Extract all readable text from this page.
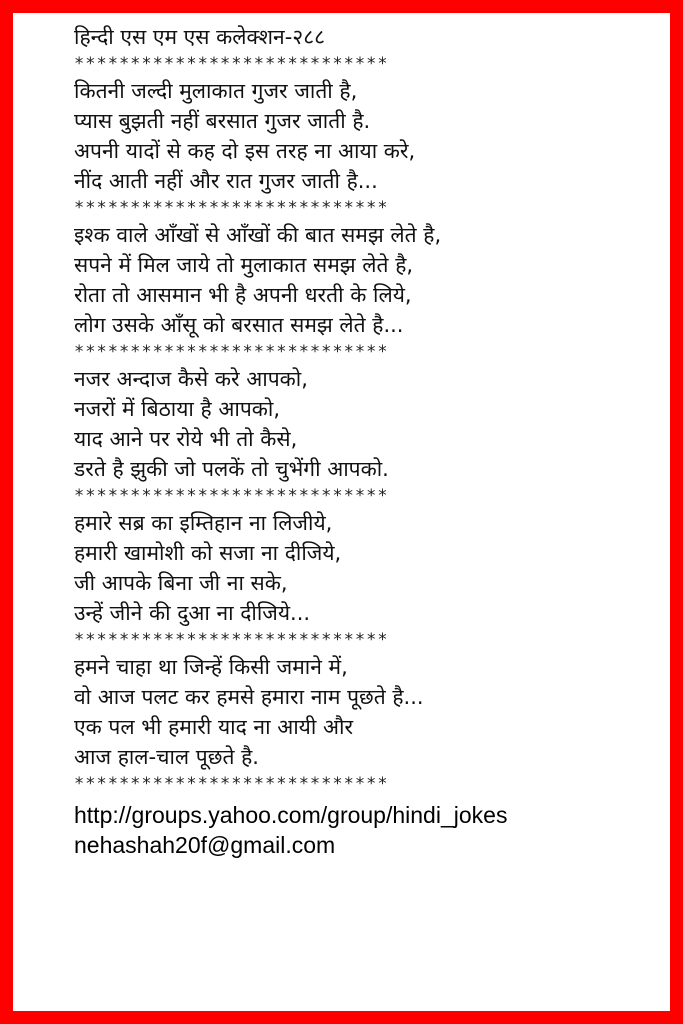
हिन्दी एस एम एस कलेक्शन-२८८
****************************
कितनी जल्दी मुलाकात गुजर जाती है,
प्यास बुझती नहीं बरसात गुजर जाती है.
अपनी यादों से कह दो इस तरह ना आया करे,
नींद आती नहीं और रात गुजर जाती है...
****************************
इश्क वाले आँखों से आँखों की बात समझ लेते है,
सपने में मिल जाये तो मुलाकात समझ लेते है,
रोता तो आसमान भी है अपनी धरती के लिये,
लोग उसके आँसू को बरसात समझ लेते है...
****************************
नजर अन्दाज कैसे करे आपको,
नजरों में बिठाया है आपको,
याद आने पर रोये भी तो कैसे,
डरते है झुकी जो पलकें तो चुभेंगी आपको.
****************************
हमारे सब्र का इम्तिहान ना लिजीये,
हमारी खामोशी को सजा ना दीजिये,
जी आपके बिना जी ना सके,
उन्हें जीने की दुआ ना दीजिये...
****************************
हमने चाहा था जिन्हें किसी जमाने में,
वो आज पलट कर हमसे हमारा नाम पूछते है...
एक पल भी हमारी याद ना आयी और
आज हाल-चाल पूछते है.
****************************
http://groups.yahoo.com/group/hindi_jokes
nehashah20f@gmail.com
